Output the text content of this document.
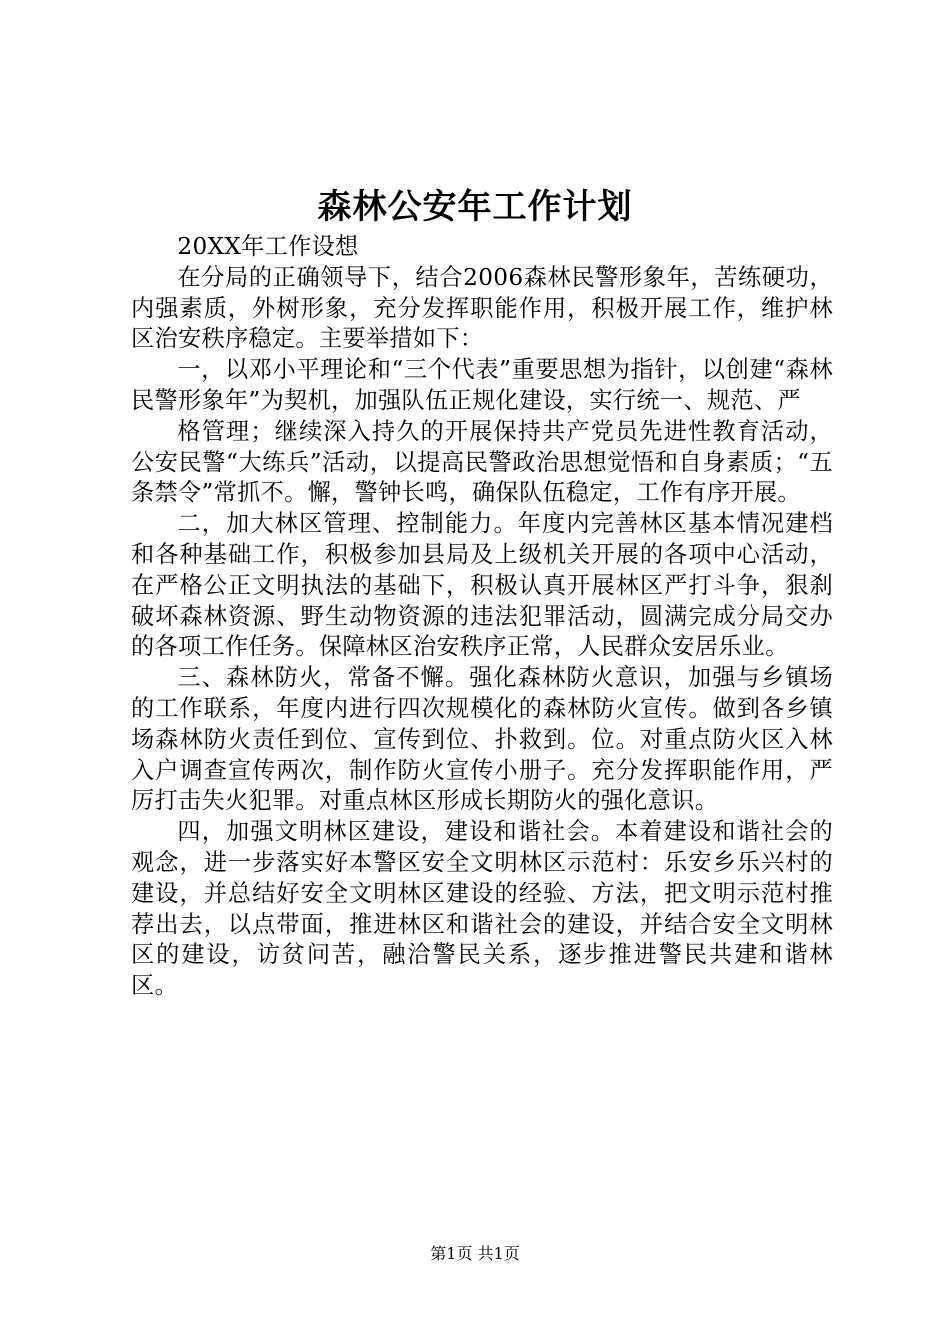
森林公安年工作计划

20XX年工作设想

在分局的正确领导下，结合2006森林民警形象年，苦练硬功，内强素质，外树形象，充分发挥职能作用，积极开展工作，维护林区治安秩序稳定。主要举措如下：

一，以邓小平理论和“三个代表”重要思想为指针，以创建“森林民警形象年”为契机，加强队伍正规化建设，实行统一、规范、严

格管理；继续深入持久的开展保持共产党员先进性教育活动，公安民警“大练兵”活动，以提高民警政治思想觉悟和自身素质；“五条禁令”常抓不。懈，警钟长鸣，确保队伍稳定，工作有序开展。

二，加大林区管理、控制能力。年度内完善林区基本情况建档和各种基础工作，积极参加县局及上级机关开展的各项中心活动，在严格公正文明执法的基础下，积极认真开展林区严打斗争，狠刹破坏森林资源、野生动物资源的违法犯罪活动，圆满完成分局交办的各项工作任务。保障林区治安秩序正常，人民群众安居乐业。

三、森林防火，常备不懈。强化森林防火意识，加强与乡镇场的工作联系，年度内进行四次规模化的森林防火宣传。做到各乡镇场森林防火责任到位、宣传到位、扑救到。位。对重点防火区入林入户调查宣传两次，制作防火宣传小册子。充分发挥职能作用，严厉打击失火犯罪。对重点林区形成长期防火的强化意识。

四，加强文明林区建设，建设和谐社会。本着建设和谐社会的观念，进一步落实好本警区安全文明林区示范村：乐安乡乐兴村的建设，并总结好安全文明林区建设的经验、方法，把文明示范村推荐出去，以点带面，推进林区和谐社会的建设，并结合安全文明林区的建设，访贫问苦，融洽警民关系，逐步推进警民共建和谐林区。

第1页 共1页
